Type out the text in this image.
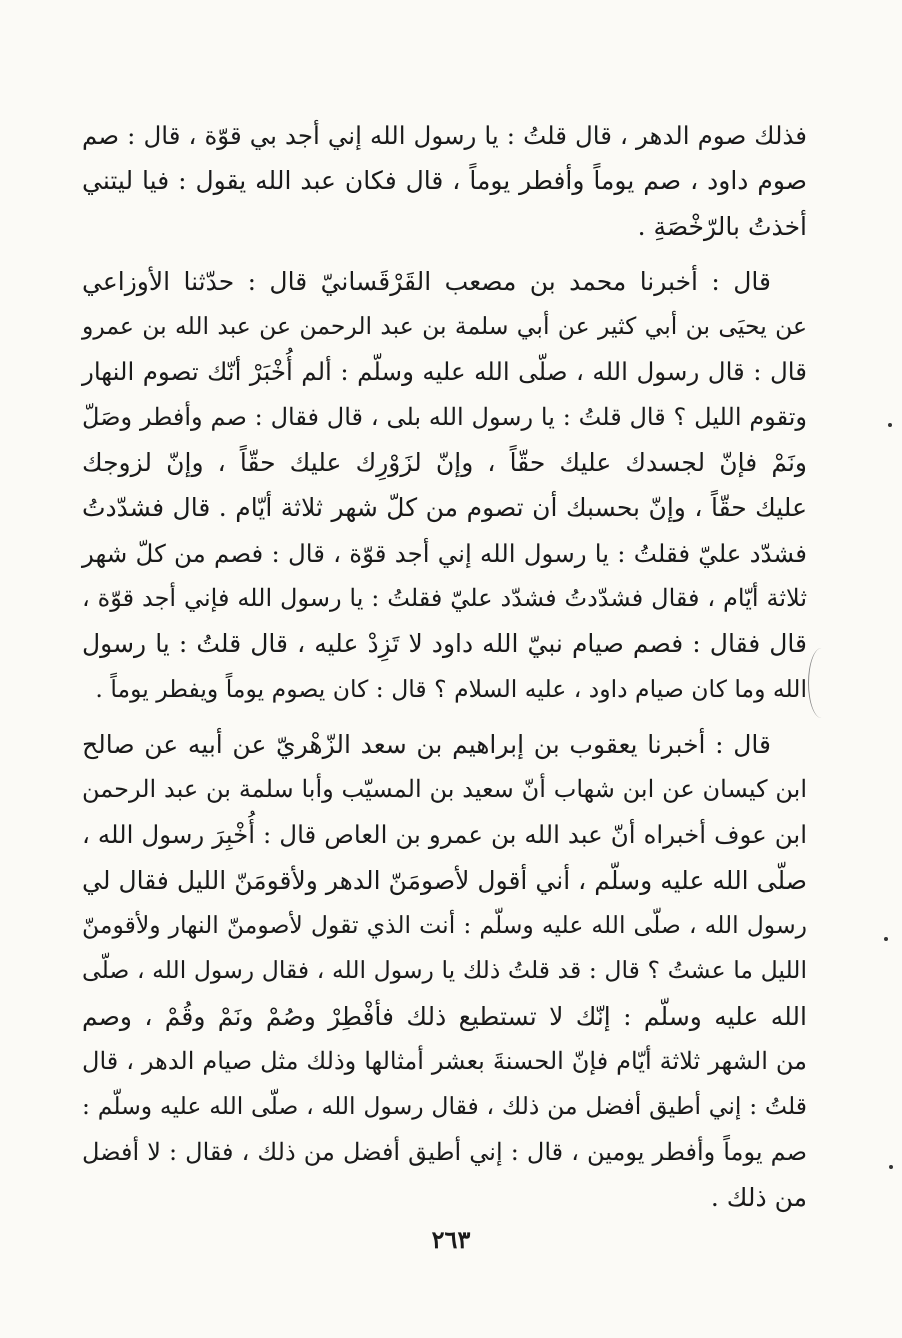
فذلك صوم الدهر ، قال قلتُ : يا رسول الله إني أجد بي قوّة ، قال : صم
صوم داود ، صم يوماً وأفطر يوماً ، قال فكان عبد الله يقول : فيا ليتني
أخذتُ بالرّخْصَةِ .
قال : أخبرنا محمد بن مصعب القَرْقَسانيّ قال : حدّثنا الأوزاعي
عن يحيَى بن أبي كثير عن أبي سلمة بن عبد الرحمن عن عبد الله بن عمرو
قال : قال رسول الله ، صلّى الله عليه وسلّم : ألم أُخْبَرْ أنّك تصوم النهار
وتقوم الليل ؟ قال قلتُ : يا رسول الله بلى ، قال فقال : صم وأفطر وصَلّ
ونَمْ فإنّ لجسدك عليك حقّاً ، وإنّ لزَوْرِك عليك حقّاً ، وإنّ لزوجك
عليك حقّاً ، وإنّ بحسبك أن تصوم من كلّ شهر ثلاثة أيّام . قال فشدّدتُ
فشدّد عليّ فقلتُ : يا رسول الله إني أجد قوّة ، قال : فصم من كلّ شهر
ثلاثة أيّام ، فقال فشدّدتُ فشدّد عليّ فقلتُ : يا رسول الله فإني أجد قوّة ،
قال فقال : فصم صيام نبيّ الله داود لا تَزِدْ عليه ، قال قلتُ : يا رسول
الله وما كان صيام داود ، عليه السلام ؟ قال : كان يصوم يوماً ويفطر يوماً .
قال : أخبرنا يعقوب بن إبراهيم بن سعد الزّهْريّ عن أبيه عن صالح
ابن كيسان عن ابن شهاب أنّ سعيد بن المسيّب وأبا سلمة بن عبد الرحمن
ابن عوف أخبراه أنّ عبد الله بن عمرو بن العاص قال : أُخْبِرَ رسول الله ،
صلّى الله عليه وسلّم ، أني أقول لأصومَنّ الدهر ولأقومَنّ الليل فقال لي
رسول الله ، صلّى الله عليه وسلّم : أنت الذي تقول لأصومنّ النهار ولأقومنّ
الليل ما عشتُ ؟ قال : قد قلتُ ذلك يا رسول الله ، فقال رسول الله ، صلّى
الله عليه وسلّم : إنّك لا تستطيع ذلك فأفْطِرْ وصُمْ ونَمْ وقُمْ ، وصم
من الشهر ثلاثة أيّام فإنّ الحسنةَ بعشر أمثالها وذلك مثل صيام الدهر ، قال
قلتُ : إني أطيق أفضل من ذلك ، فقال رسول الله ، صلّى الله عليه وسلّم :
صم يوماً وأفطر يومين ، قال : إني أطيق أفضل من ذلك ، فقال : لا أفضل
من ذلك .
٢٦٣
